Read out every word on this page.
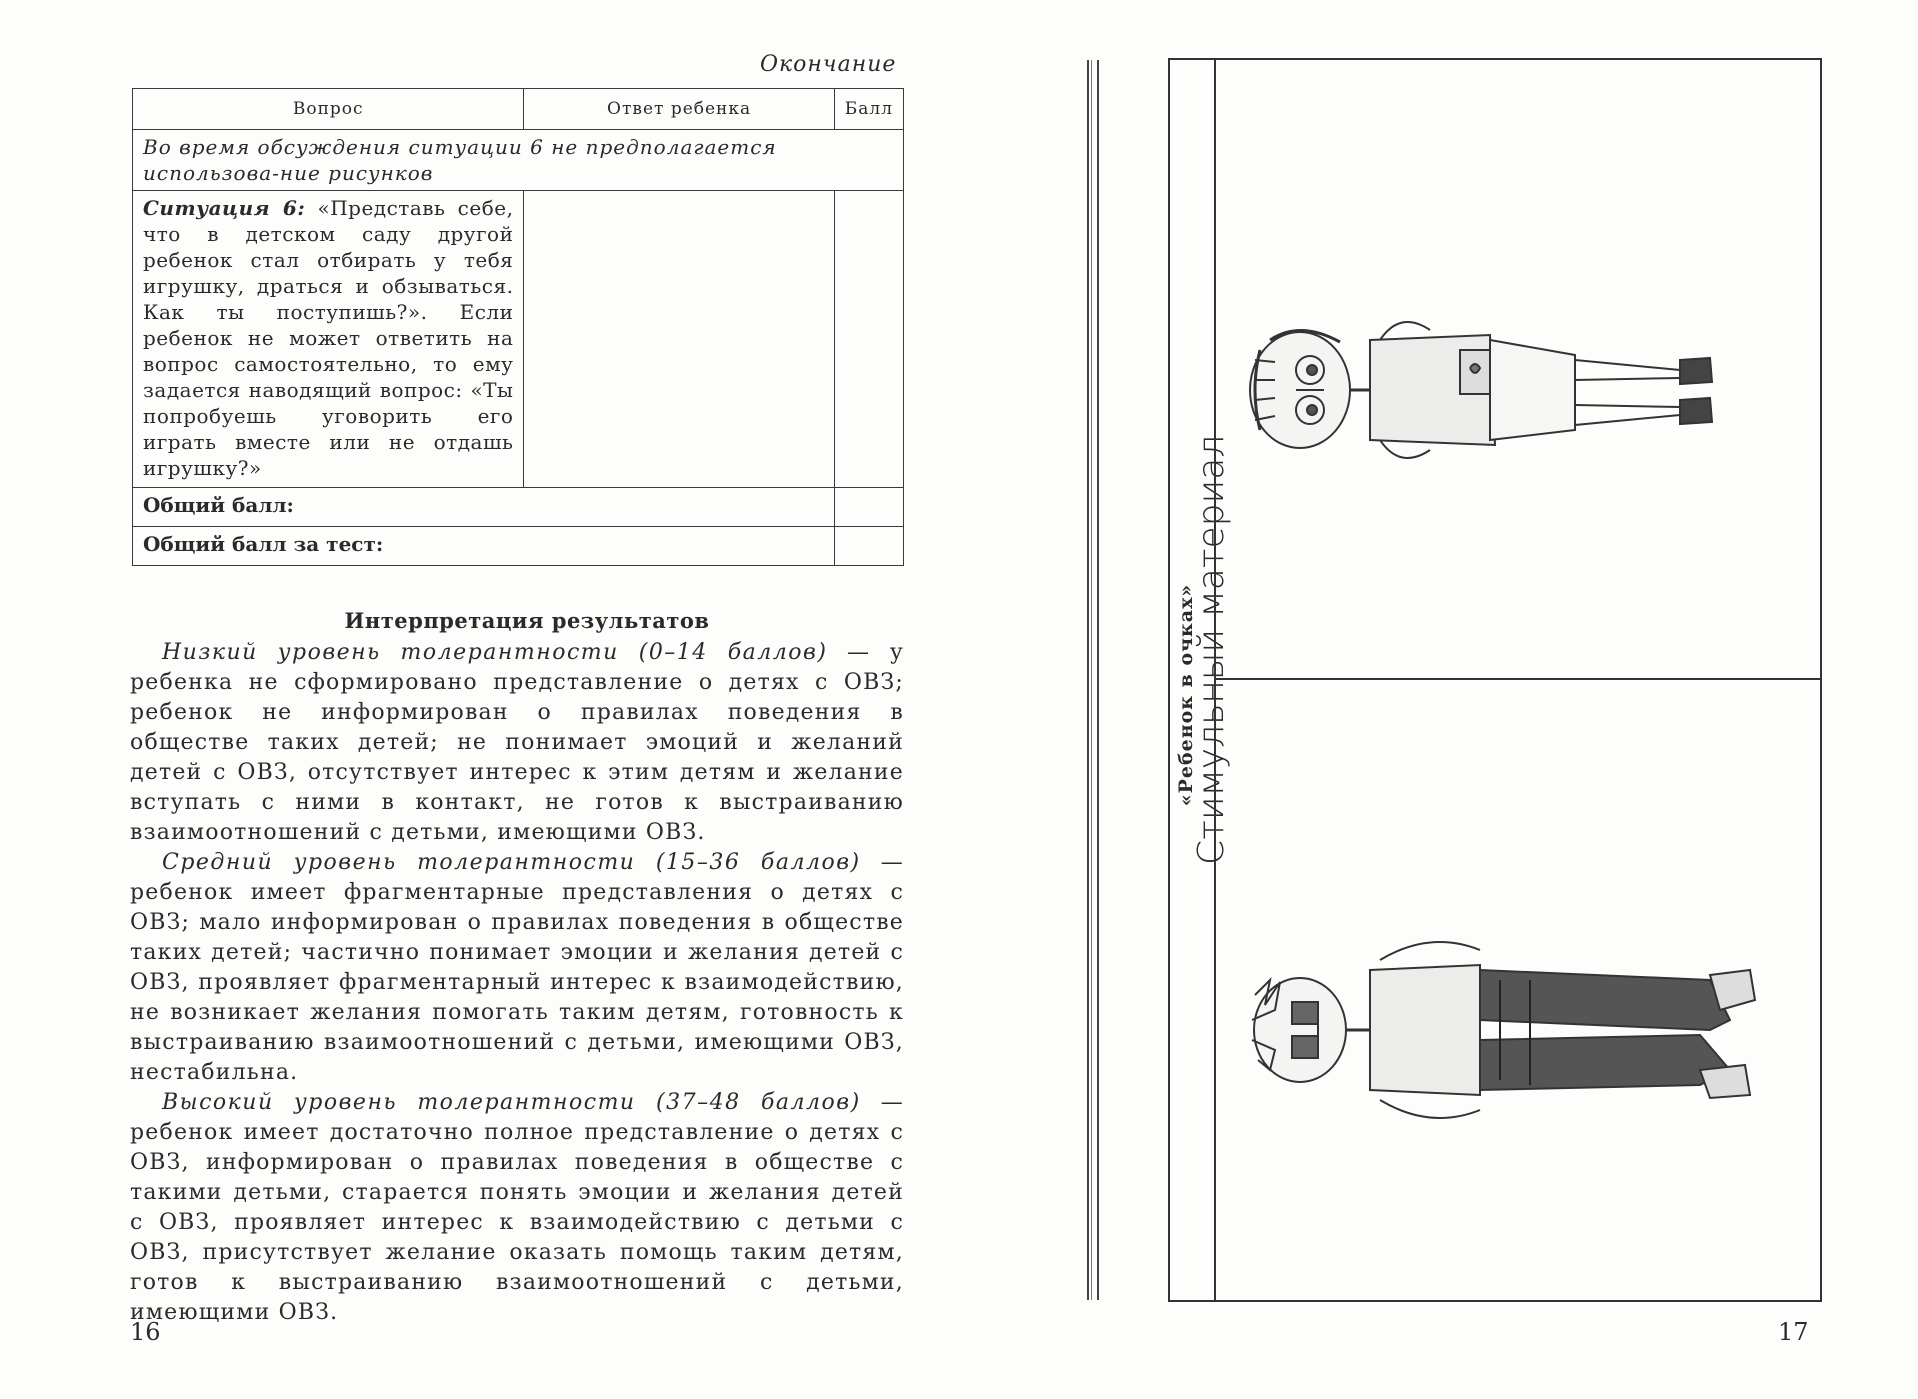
Окончание
Вопрос	Ответ ребенка	Балл
Во время обсуждения ситуации 6 не предполагается использова-ние рисунков		
Ситуация 6: «Представь себе, что в детском саду другой ребенок стал отбирать у тебя игрушку, драться и обзываться. Как ты поступишь?». Если ребенок не может ответить на вопрос самостоятельно, то ему задается наводящий вопрос: «Ты попробуешь уговорить его играть вместе или не отдашь игрушку?»		
Общий балл:		
Общий балл за тест:		
Интерпретация результатов

Низкий уровень толерантности (0–14 баллов) — у ребенка не сформировано представление о детях с ОВЗ; ребенок не информирован о правилах поведения в обществе таких детей; не понимает эмоций и желаний детей с ОВЗ, отсутствует интерес к этим детям и желание вступать с ними в контакт, не готов к выстраиванию взаимоотношений с детьми, имеющими ОВЗ.

Средний уровень толерантности (15–36 баллов) — ребенок имеет фрагментарные представления о детях с ОВЗ; мало информирован о правилах поведения в обществе таких детей; частично понимает эмоции и желания детей с ОВЗ, проявляет фрагментарный интерес к взаимодействию, не возникает желания помогать таким детям, готовность к выстраиванию взаимоотношений с детьми, имеющими ОВЗ, нестабильна.

Высокий уровень толерантности (37–48 баллов) — ребенок имеет достаточно полное представление о детях с ОВЗ, информирован о правилах поведения в обществе с такими детьми, старается понять эмоции и желания детей с ОВЗ, проявляет интерес к взаимодействию с детьми с ОВЗ, присутствует желание оказать помощь таким детям, готов к выстраиванию взаимоотношений с детьми, имеющими ОВЗ.

16
Стимульный материал
«Ребенок в очках»
17
